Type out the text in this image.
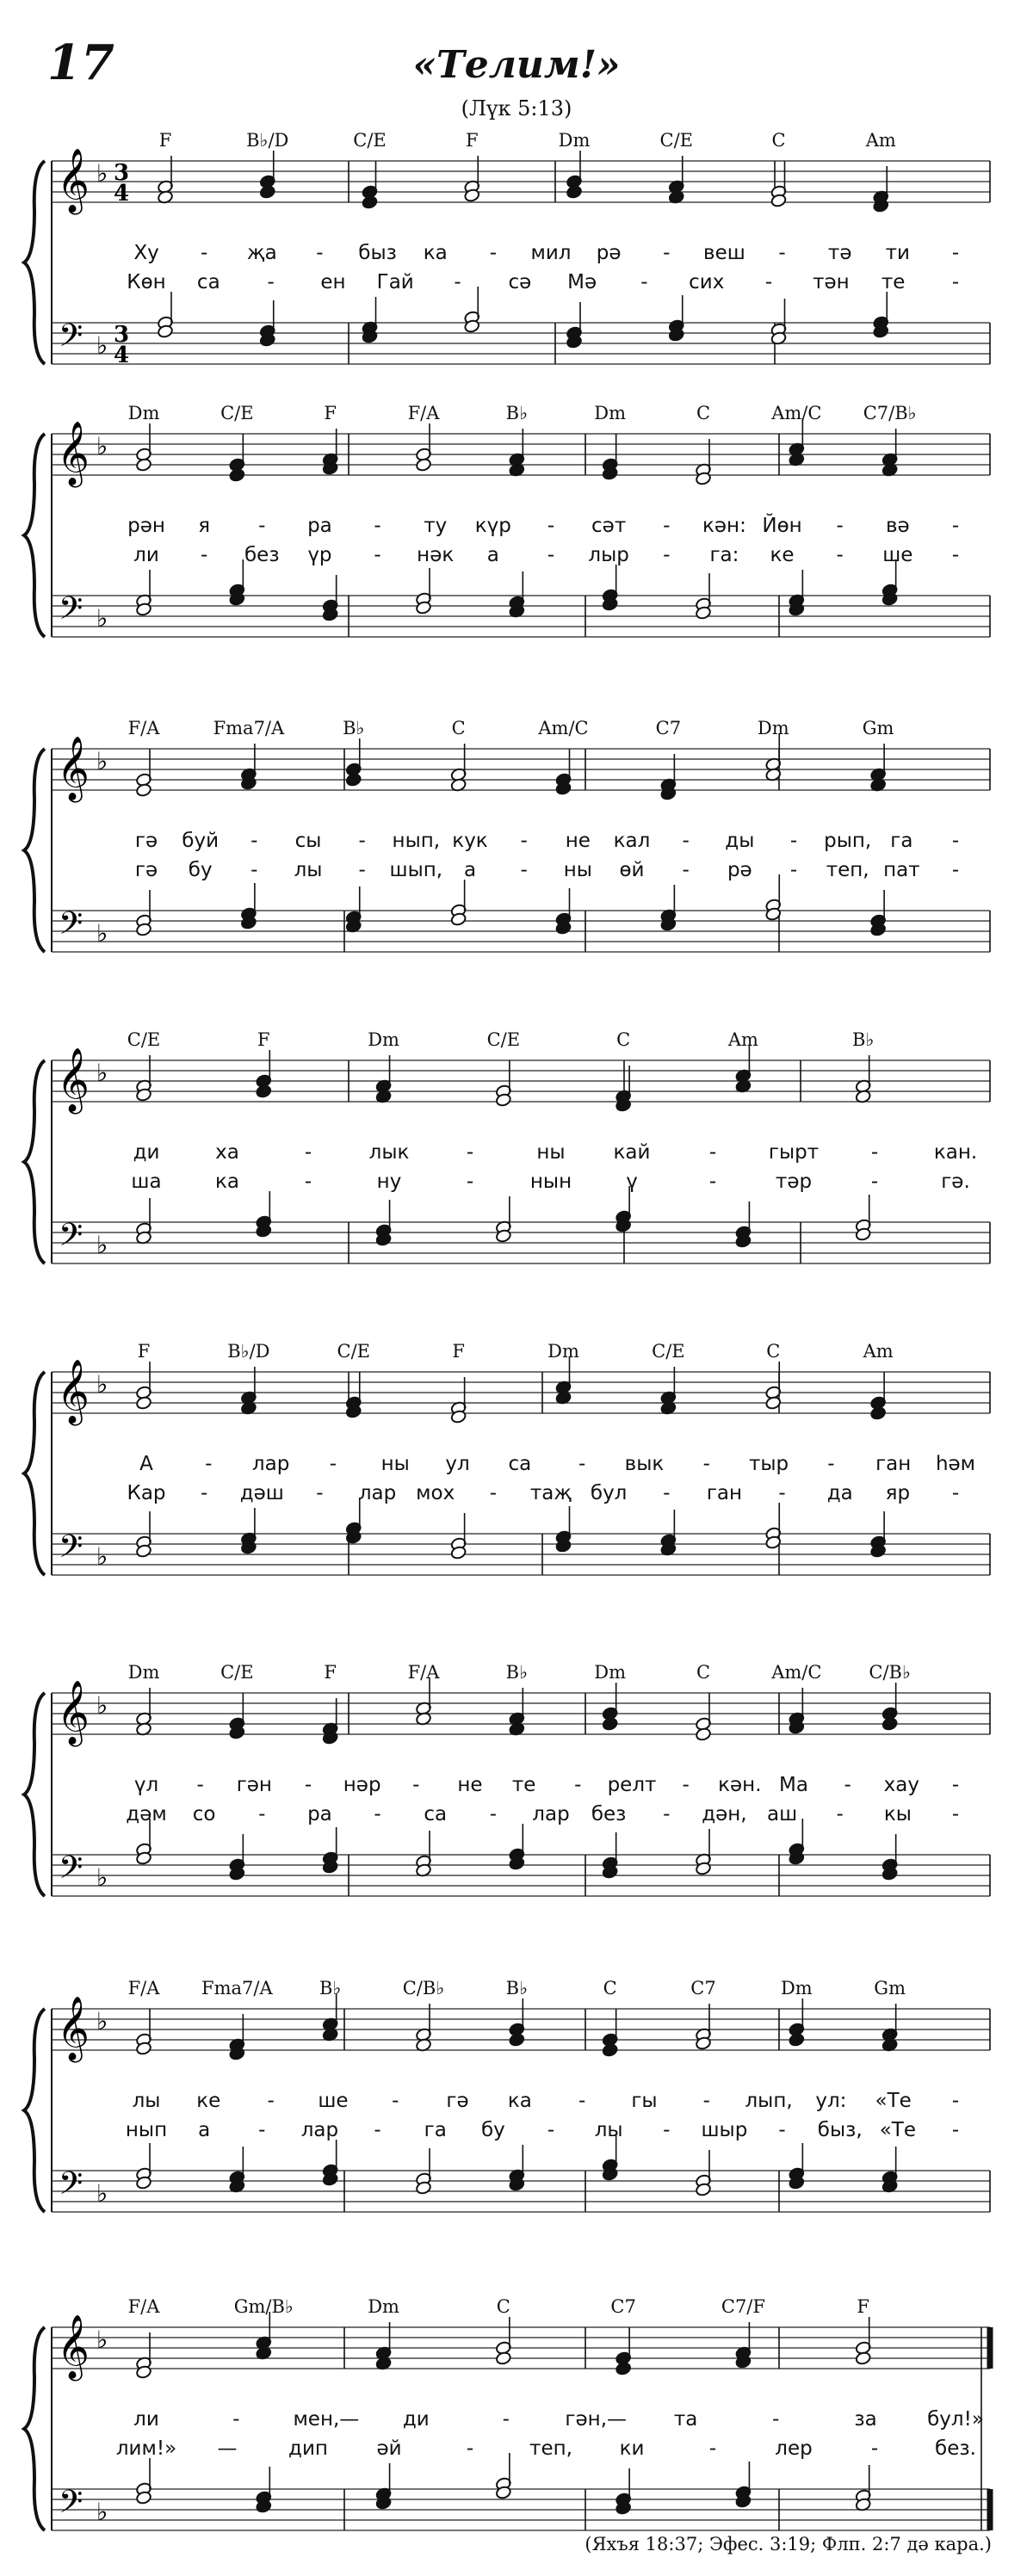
17	«Телим!»
(Лүк 5:13)
𝄞
𝄢
♭
♭
3
4
3
4
F	B♭/D	C/E	F	Dm	C/E	C	Am
Ху - җа - быз ка - мил рә - веш - тә ти -
Көн са - ен Гай - сә Мә - сих - тән те -
𝄞
𝄢
♭
♭
Dm	C/E	F	F/A	B♭	Dm	C	Am/C C7/B♭
рән я - ра - ту күр - сәт - кән: Йөн - вә -
ли - без үр - нәк а - лыр - га: ке - ше -
𝄞
𝄢
♭
♭
F/A	Fma7/A	B♭	C	Am/C	C7	Dm	Gm
гә буй - сы - нып, кук - не кал - ды - рып, га -
гә бу - лы - шып, а - ны өй - рә - теп, пат -
𝄞
𝄢
♭
♭
C/E	F	Dm	C/E	C	Am	B♭
ди	ха	-	лык	-	ны кай	-	гырт	-	кан.
ша	ка	-	ну	-	нын	ү	-	тәр	-	гә.
𝄞
𝄢
♭
♭
F	B♭/D	C/E	F	Dm	C/E	C	Am
А	- лар - ны ул са - вык - тыр - ган һәм
Кар - дәш - лар мох - таҗ бул - ган - да яр -
𝄞
𝄢
♭
♭
Dm	C/E	F	F/A	B♭	Dm	C	Am/C	C/B♭
үл - гән - нәр - не те - релт - кән. Ма - хау -
дәм со - ра - са - лар без - дән, аш - кы -
𝄞
𝄢
♭
♭
F/A Fma7/A	B♭	C/B♭	B♭	C	C7	Dm	Gm
лы ке - ше - гә ка - гы - лып, ул: «Те -
нып а - лар - га бу - лы - шыр - быз, «Те -
𝄞
𝄢
♭
♭
F/A	Gm/B♭	Dm	C	C7	C7/F	F
ли	-	мен,— ди	-	гән,— та	-	за	бул!»
лим!» —	дип әй	-	теп, ки	-	лер	-	без.
(Яхъя 18:37; Эфес. 3:19; Флп. 2:7 дә кара.)
